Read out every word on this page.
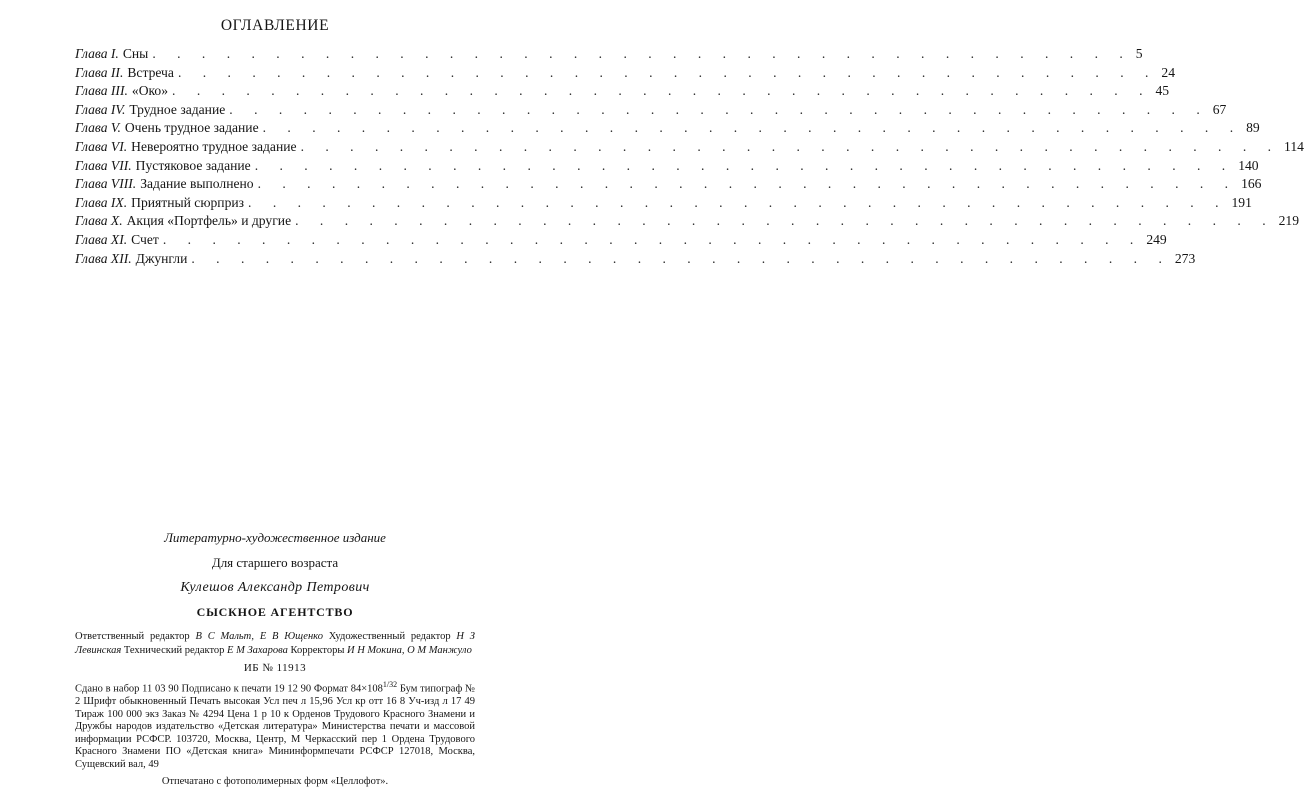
ОГЛАВЛЕНИЕ
Глава I. Сны . . . . . . . . . . . . . . . . . . . . . . . . . . . . . . . . . . . . . . . . 5
Глава II. Встреча . . . . . . . . . . . . . . . . . . . . . . . . . . . . . . . . . . . . . . . . 24
Глава III. «Око» . . . . . . . . . . . . . . . . . . . . . . . . . . . . . . . . . . . . . . . . 45
Глава IV. Трудное задание . . . . . . . . . . . . . . . . . . . . . . . . . . . . . . . . . . . . . . . . 67
Глава V. Очень трудное задание . . . . . . . . . . . . . . . . . . . . . . . . . . . . . . . . . . . . . . . . 89
Глава VI. Невероятно трудное задание . . . . . . . . . . . . . . . . . . . . . . . . . . . . . . . . . . . . . . . . 114
Глава VII. Пустяковое задание . . . . . . . . . . . . . . . . . . . . . . . . . . . . . . . . . . . . . . . . 140
Глава VIII. Задание выполнено . . . . . . . . . . . . . . . . . . . . . . . . . . . . . . . . . . . . . . . . 166
Глава IX. Приятный сюрприз . . . . . . . . . . . . . . . . . . . . . . . . . . . . . . . . . . . . . . . . 191
Глава X. Акция «Портфель» и другие . . . . . . . . . . . . . . . . . . . . . . . . . . . . . . . . . . . . . . . . 219
Глава XI. Счет . . . . . . . . . . . . . . . . . . . . . . . . . . . . . . . . . . . . . . . . 249
Глава XII. Джунгли . . . . . . . . . . . . . . . . . . . . . . . . . . . . . . . . . . . . . . . . 273
Литературно-художественное издание
Для старшего возраста
Кулешов Александр Петрович
СЫСКНОЕ АГЕНТСТВО
Ответственный редактор В С Мальт, Е В Ющенко Художественный редактор Н З Левинская Технический редактор Е М Захарова Корректоры И Н Мокина, О М Манжуло
ИБ № 11913
Сдано в набор 11 03 90 Подписано к печати 19 12 90 Формат $84\times 108^{1/32}$ Бум типограф № 2 Шрифт обыкновенный Печать высокая Усл печ л 15,96 Усл кр отт 16 8 Уч-изд л 17 49 Тираж 100 000 экз Заказ № 4294 Цена 1 р 10 к Орденов Трудового Красного Знамени и Дружбы народов издательство «Детская литература» Министерства печати и массовой информации РСФСР. 103720, Москва, Центр, М Черкасский пер 1 Ордена Трудового Красного Знамени ПО «Детская книга» Мининформпечати РСФСР 127018, Москва, Сущевский вал, 49
Отпечатано с фотополимерных форм «Целлофот».
